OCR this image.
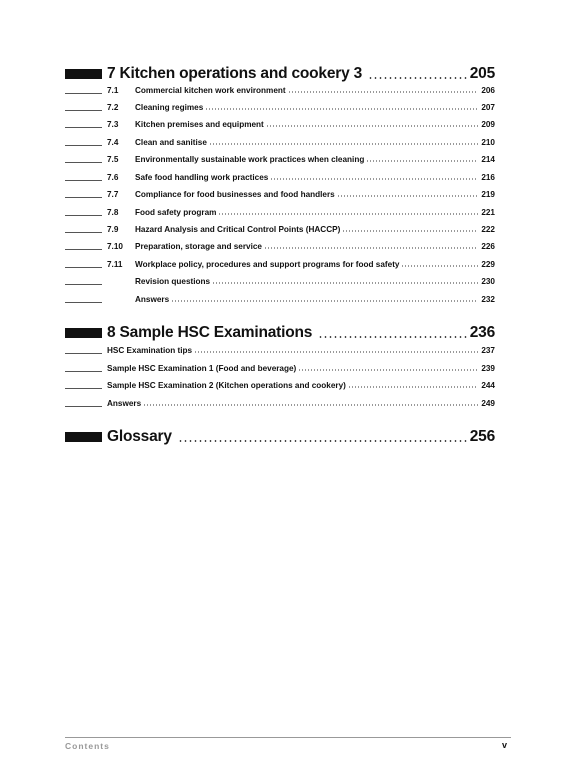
7 Kitchen operations and cookery 3	205
7.1	Commercial kitchen work environment	206
7.2	Cleaning regimes	207
7.3	Kitchen premises and equipment	209
7.4	Clean and sanitise	210
7.5	Environmentally sustainable work practices when cleaning	214
7.6	Safe food handling work practices	216
7.7	Compliance for food businesses and food handlers	219
7.8	Food safety program	221
7.9	Hazard Analysis and Critical Control Points (HACCP)	222
7.10	Preparation, storage and service	226
7.11	Workplace policy, procedures and support programs for food safety	229
Revision questions	230
Answers	232
8 Sample HSC Examinations	236
HSC Examination tips	237
Sample HSC Examination 1 (Food and beverage)	239
Sample HSC Examination 2 (Kitchen operations and cookery)	244
Answers	249
Glossary	256
Contents	v
